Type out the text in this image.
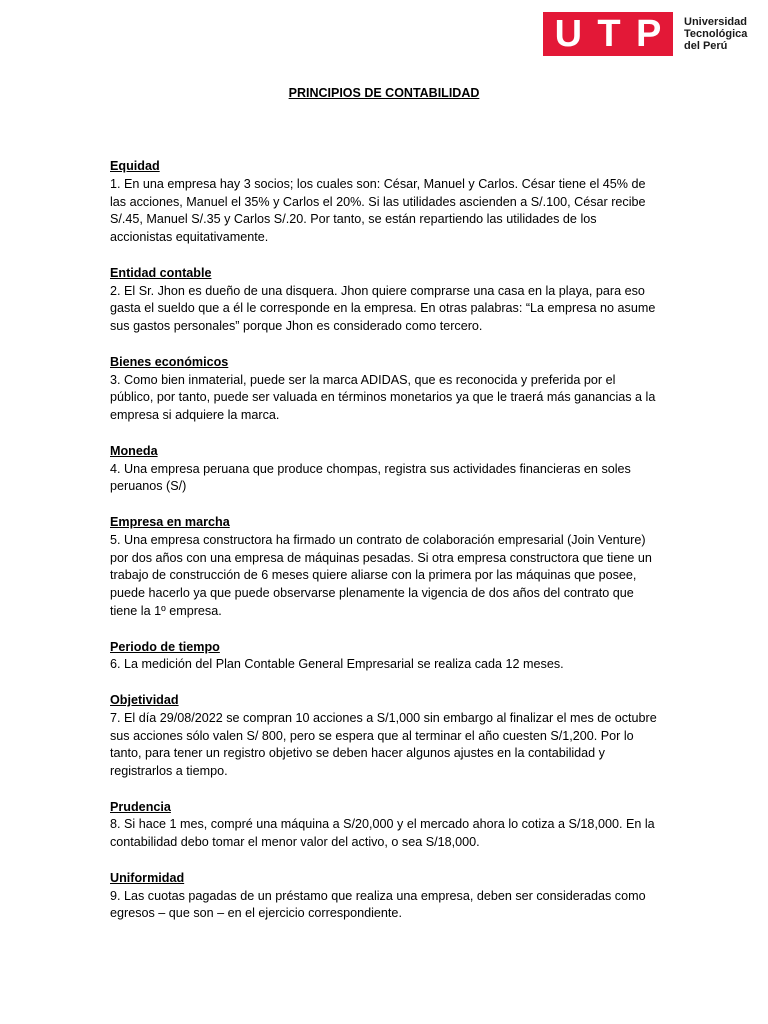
U T P Universidad
Tecnológica
del Perú
PRINCIPIOS DE CONTABILIDAD

Equidad

1. En una empresa hay 3 socios; los cuales son: César, Manuel y Carlos. César tiene el 45% de las acciones, Manuel el 35% y Carlos el 20%. Si las utilidades ascienden a S/.100, César recibe S/.45, Manuel S/.35 y Carlos S/.20. Por tanto, se están repartiendo las utilidades de los accionistas equitativamente.

Entidad contable

2. El Sr. Jhon es dueño de una disquera. Jhon quiere comprarse una casa en la playa, para eso gasta el sueldo que a él le corresponde en la empresa. En otras palabras: “La empresa no asume sus gastos personales” porque Jhon es considerado como tercero.

Bienes económicos

3. Como bien inmaterial, puede ser la marca ADIDAS, que es reconocida y preferida por el público, por tanto, puede ser valuada en términos monetarios ya que le traerá más ganancias a la empresa si adquiere la marca.

Moneda

4. Una empresa peruana que produce chompas, registra sus actividades financieras en soles peruanos (S/)

Empresa en marcha

5. Una empresa constructora ha firmado un contrato de colaboración empresarial (Join Venture) por dos años con una empresa de máquinas pesadas. Si otra empresa constructora que tiene un trabajo de construcción de 6 meses quiere aliarse con la primera por las máquinas que posee, puede hacerlo ya que puede observarse plenamente la vigencia de dos años del contrato que tiene la 1º empresa.

Periodo de tiempo

6. La medición del Plan Contable General Empresarial se realiza cada 12 meses.

Objetividad

7. El día 29/08/2022 se compran 10 acciones a S/1,000 sin embargo al finalizar el mes de octubre sus acciones sólo valen S/ 800, pero se espera que al terminar el año cuesten S/1,200. Por lo tanto, para tener un registro objetivo se deben hacer algunos ajustes en la contabilidad y registrarlos a tiempo.

Prudencia

8. Si hace 1 mes, compré una máquina a S/20,000 y el mercado ahora lo cotiza a S/18,000. En la contabilidad debo tomar el menor valor del activo, o sea S/18,000.

Uniformidad

9. Las cuotas pagadas de un préstamo que realiza una empresa, deben ser consideradas como egresos – que son – en el ejercicio correspondiente.
